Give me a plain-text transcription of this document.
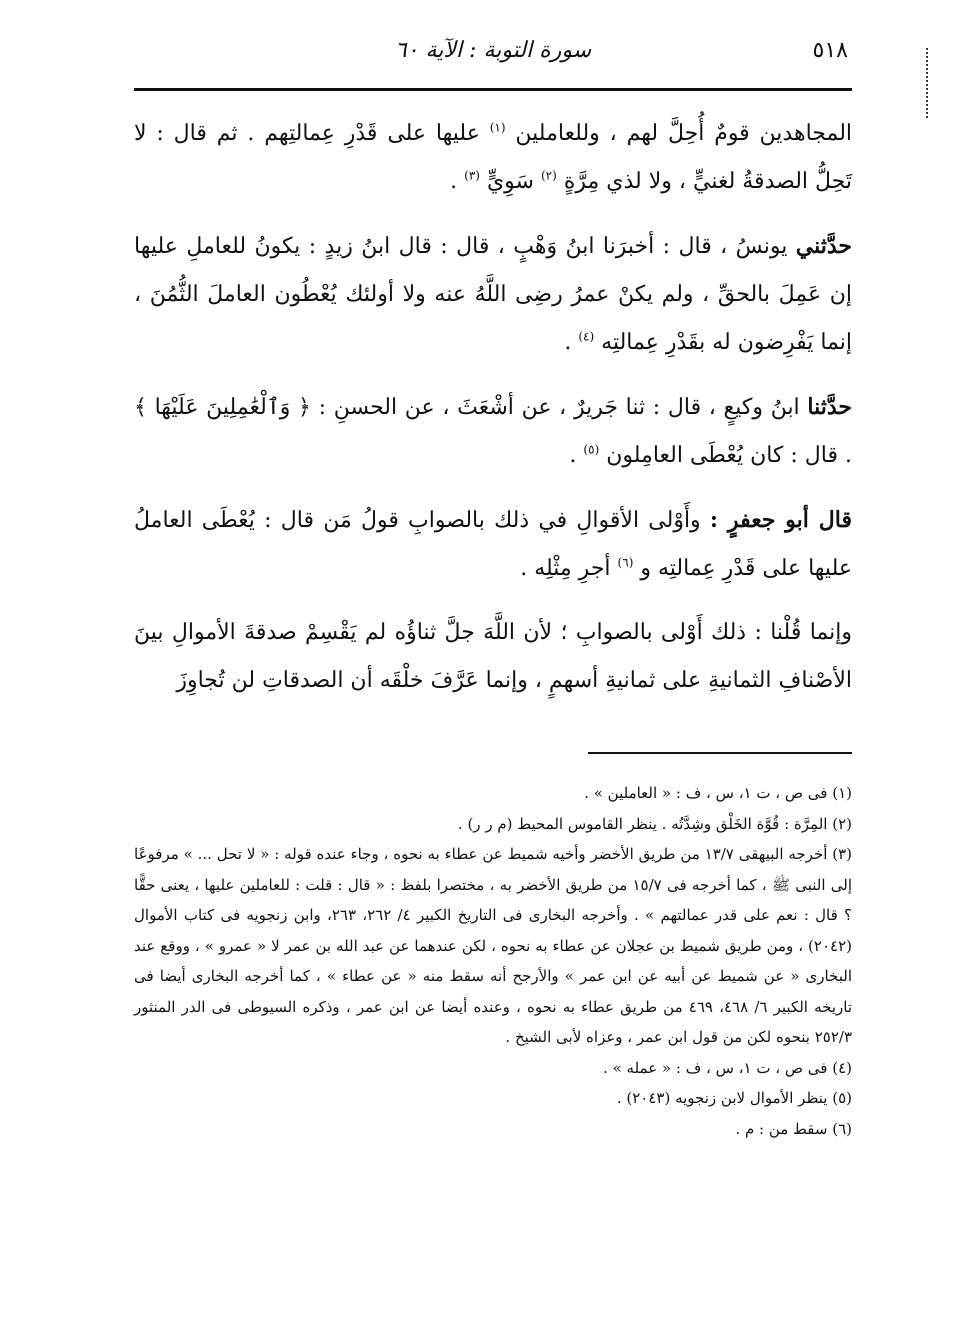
٥١٨
سورة التوبة : الآية ٦٠

المجاهدين قومٌ أُحِلَّ لهم ، وللعاملين $^{(١)}$ عليها على قَدْرِ عِمالتِهم . ثم قال : لا تَحِلُّ الصدقةُ لغنيٍّ ، ولا لذي مِرَّةٍ $^{(٢)}$ سَوِيٍّ $^{(٣)}$ .

حدَّثني يونسُ ، قال : أخبرَنا ابنُ وَهْبٍ ، قال : قال ابنُ زيدٍ : يكونُ للعاملِ عليها إن عَمِلَ بالحقِّ ، ولم يكنْ عمرُ رضِى اللَّهُ عنه ولا أولئك يُعْطُون العاملَ الثُّمُنَ ، إنما يَفْرِضون له بقَدْرِ عِمالتِه $^{(٤)}$ .

حدَّثنا ابنُ وكيعٍ ، قال : ثنا جَريرٌ ، عن أشْعَثَ ، عن الحسنِ : ﴿ وَٱلْعَٰمِلِينَ عَلَيْهَا ﴾ . قال : كان يُعْطَى العامِلون $^{(٥)}$ .

قال أبو جعفرٍ : وأَوْلى الأقوالِ في ذلك بالصوابِ قولُ مَن قال : يُعْطَى العاملُ عليها على قَدْرِ عِمالتِه و $^{(٦)}$ أجرِ مِثْلِه .

وإنما قُلْنا : ذلك أَوْلى بالصوابِ ؛ لأن اللَّهَ جلَّ ثناؤُه لم يَقْسِمْ صدقةَ الأموالِ بينَ الأصْنافِ الثمانيةِ على ثمانيةِ أسهمٍ ، وإنما عَرَّفَ خلْقَه أن الصدقاتِ لن تُجاوِزَ

(١) فى ص ، ت ١، س ، ف : « العاملين » .

(٢) المِرَّة : قُوَّة الخَلْق وشِدَّتُه . ينظر القاموس المحيط (م ر ر) .

(٣) أخرجه البيهقى ١٣/٧ من طريق الأخضر وأخيه شميط عن عطاء به نحوه ، وجاء عنده قوله : « لا تحل ... » مرفوعًا إلى النبى ﷺ ، كما أخرجه فى ١٥/٧ من طريق الأخضر به ، مختصرا بلفظ : « قال : قلت : للعاملين عليها ، يعنى حقًّا ؟ قال : نعم على قدر عمالتهم » . وأخرجه البخارى فى التاريخ الكبير ٤/ ٢٦٢، ٢٦٣، وابن زنجويه فى كتاب الأموال (٢٠٤٢) ، ومن طريق شميط بن عجلان عن عطاء به نحوه ، لكن عندهما عن عبد الله بن عمر لا « عمرو » ، ووقع عند البخارى « عن شميط عن أبيه عن ابن عمر » والأرجح أنه سقط منه « عن عطاء » ، كما أخرجه البخارى أيضا فى تاريخه الكبير ٦/ ٤٦٨، ٤٦٩ من طريق عطاء به نحوه ، وعنده أيضا عن ابن عمر ، وذكره السيوطى فى الدر المنثور ٢٥٢/٣ بنحوه لكن من قول ابن عمر ، وعزاه لأبى الشيخ .

(٤) فى ص ، ت ١، س ، ف : « عمله » .

(٥) ينظر الأموال لابن زنجويه (٢٠٤٣) .

(٦) سقط من : م .
